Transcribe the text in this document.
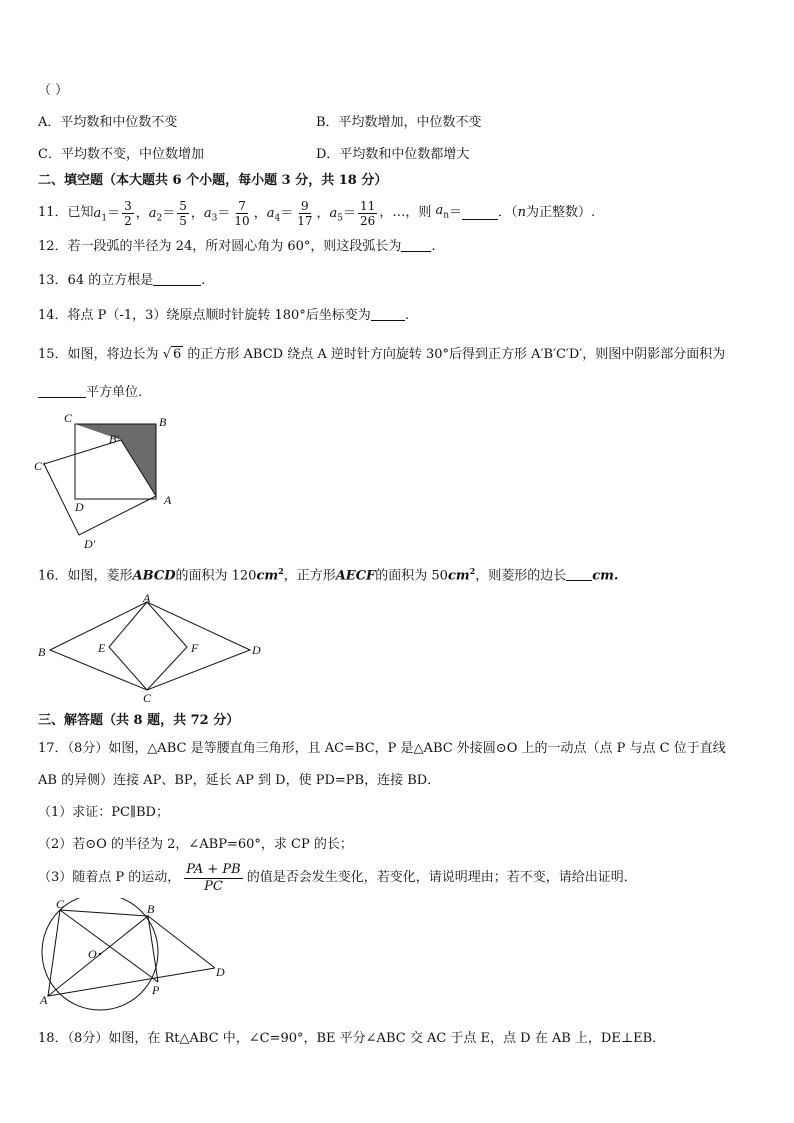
（ ）
A．平均数和中位数不变	B．平均数增加，中位数不变
C．平均数不变，中位数增加	D．平均数和中位数都增大
二、填空题（本大题共 6 个小题，每小题 3 分，共 18 分）
11．已知 $a_1= \frac{3}{2}$ ， $a_2= \frac{5}{5}$ ， $a_3= \frac{7}{10}$ ， $a_4= \frac{9}{17}$ ， $a_5= \frac{11}{26}$ ，…，则 $a_n$ ＝	．（ n 为正整数）.
12．若一段弧的半径为 24，所对圆心角为 60°，则这段弧长为 .
13．64 的立方根是	.
14．将点 P（-1，3）绕原点顺时针旋转 180°后坐标变为	.
15．如图，将边长为 √ 6 的正方形 ABCD 绕点 A 逆时针方向旋转 30°后得到正方形 A′B′C′D′，则图中阴影部分面积为
平方单位.
C	B
B′
C′
D	A
D′
16．如图，菱形ABCD的面积为 $120cm^2$，正方形AECF的面积为 $50cm^2$，则菱形的边长 cm.
A
B
C
D
E	F
三、解答题（共 8 题，共 72 分）
17．（8分）如图，△ABC 是等腰直角三角形，且 AC=BC，P 是△ABC 外接圆⊙O 上的一动点（点 P 与点 C 位于直线
AB 的异侧）连接 AP、BP，延长 AP 到 D，使 PD=PB，连接 BD．
（1）求证：PC∥BD；
（2）若⊙O 的半径为 2，∠ABP=60°，求 CP 的长；
（3）随着点 P 的运动， $\frac{PA + PB}{PC}$ 的值是否会发生变化，若变化，请说明理由；若不变，请给出证明．
C	B
O
A
P
D
18．（8分）如图，在 Rt△ABC 中，∠C=90°，BE 平分∠ABC 交 AC 于点 E，点 D 在 AB 上，DE⊥EB．
